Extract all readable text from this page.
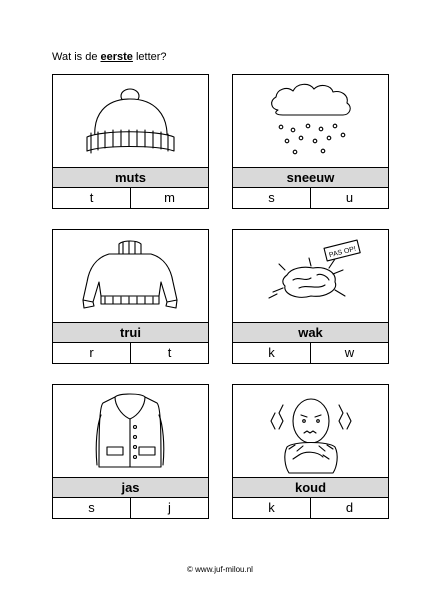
Wat is de eerste letter?
muts
t	m
sneeuw
s	u
trui
r	t
PAS OP!
wak
k	w
jas
s	j
koud
k	d
© www.juf-milou.nl
